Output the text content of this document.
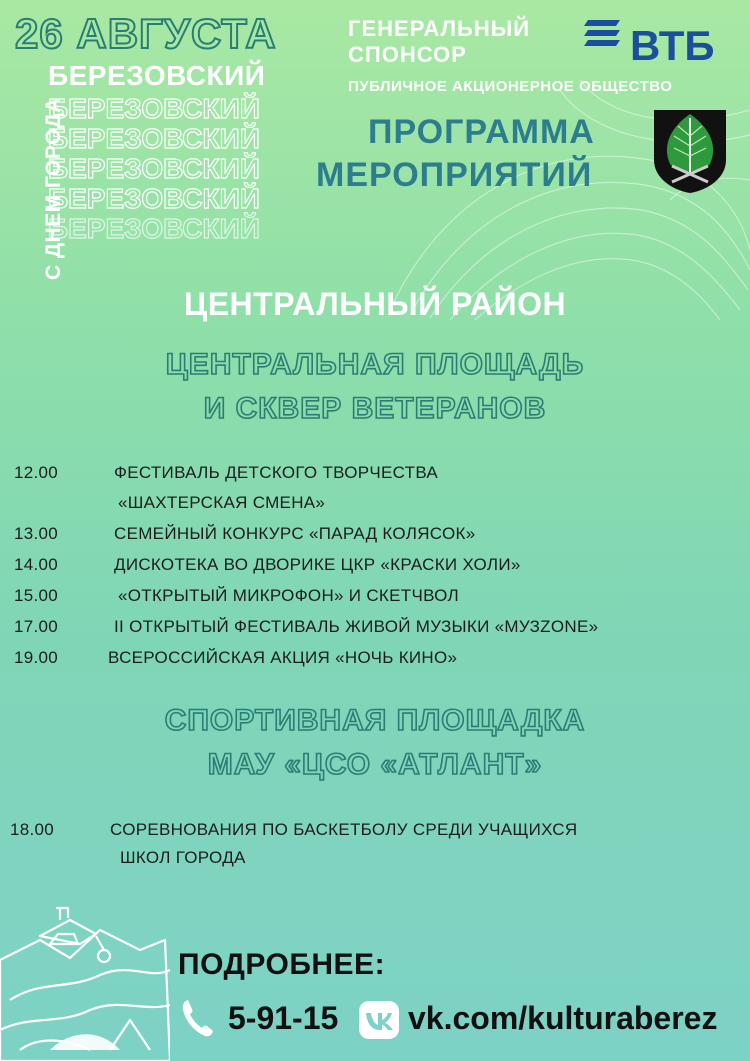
26 АВГУСТА
БЕРЕЗОВСКИЙ
БЕРЕЗОВСКИЙ
БЕРЕЗОВСКИЙ
БЕРЕЗОВСКИЙ
БЕРЕЗОВСКИЙ
БЕРЕЗОВСКИЙ
С ДНЕМ ГОРОДА
ГЕНЕРАЛЬНЫЙ
СПОНСОР	ВТБ
ПУБЛИЧНОЕ АКЦИОНЕРНОЕ ОБЩЕСТВО
ПРОГРАММА
МЕРОПРИЯТИЙ
ЦЕНТРАЛЬНЫЙ РАЙОН
ЦЕНТРАЛЬНАЯ ПЛОЩАДЬ
И СКВЕР ВЕТЕРАНОВ
12.00	ФЕСТИВАЛЬ ДЕТСКОГО ТВОРЧЕСТВА
«ШАХТЕРСКАЯ СМЕНА»
13.00	СЕМЕЙНЫЙ КОНКУРС «ПАРАД КОЛЯСОК»
14.00	ДИСКОТЕКА ВО ДВОРИКЕ ЦКР «КРАСКИ ХОЛИ»
15.00	«ОТКРЫТЫЙ МИКРОФОН» И СКЕТЧВОЛ
17.00	II ОТКРЫТЫЙ ФЕСТИВАЛЬ ЖИВОЙ МУЗЫКИ «МУЗZONE»
19.00	ВСЕРОССИЙСКАЯ АКЦИЯ «НОЧЬ КИНО»
СПОРТИВНАЯ ПЛОЩАДКА
МАУ «ЦСО «АТЛАНТ»
18.00	СОРЕВНОВАНИЯ ПО БАСКЕТБОЛУ СРЕДИ УЧАЩИХСЯ
ШКОЛ ГОРОДА
ПОДРОБНЕЕ:
5-91-15 vk.com/kulturaberez
